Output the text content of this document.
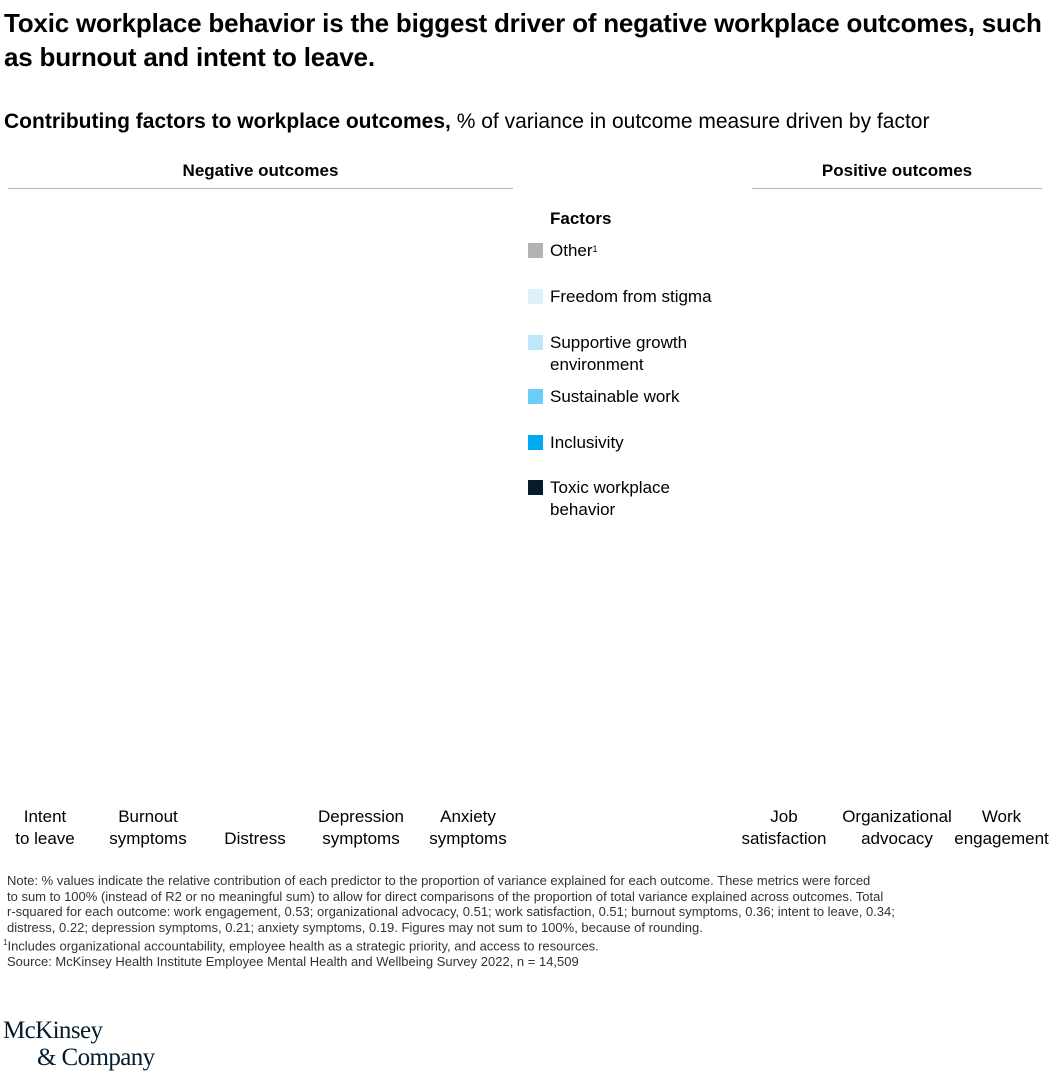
Toxic workplace behavior is the biggest driver of negative workplace outcomes, such as burnout and intent to leave.
Contributing factors to workplace outcomes, % of variance in outcome measure driven by factor
Negative outcomes	Positive outcomes
Factors
Other$^1$
Freedom from stigma
Supportive growth environment
Sustainable work
Inclusivity
Toxic workplace behavior
Intent
to leave
Burnout
symptoms	Distress
Depression
symptoms
Anxiety
symptoms
Job
satisfaction
Organizational
advocacy
Work
engagement
Note: % values indicate the relative contribution of each predictor to the proportion of variance explained for each outcome. These metrics were forced
to sum to 100% (instead of R2 or no meaningful sum) to allow for direct comparisons of the proportion of total variance explained across outcomes. Total
r-squared for each outcome: work engagement, 0.53; organizational advocacy, 0.51; work satisfaction, 0.51; burnout symptoms, 0.36; intent to leave, 0.34;
distress, 0.22; depression symptoms, 0.21; anxiety symptoms, 0.19. Figures may not sum to 100%, because of rounding.
$^1$Includes organizational accountability, employee health as a strategic priority, and access to resources.
Source: McKinsey Health Institute Employee Mental Health and Wellbeing Survey 2022, n = 14,509
McKinsey
& Company
